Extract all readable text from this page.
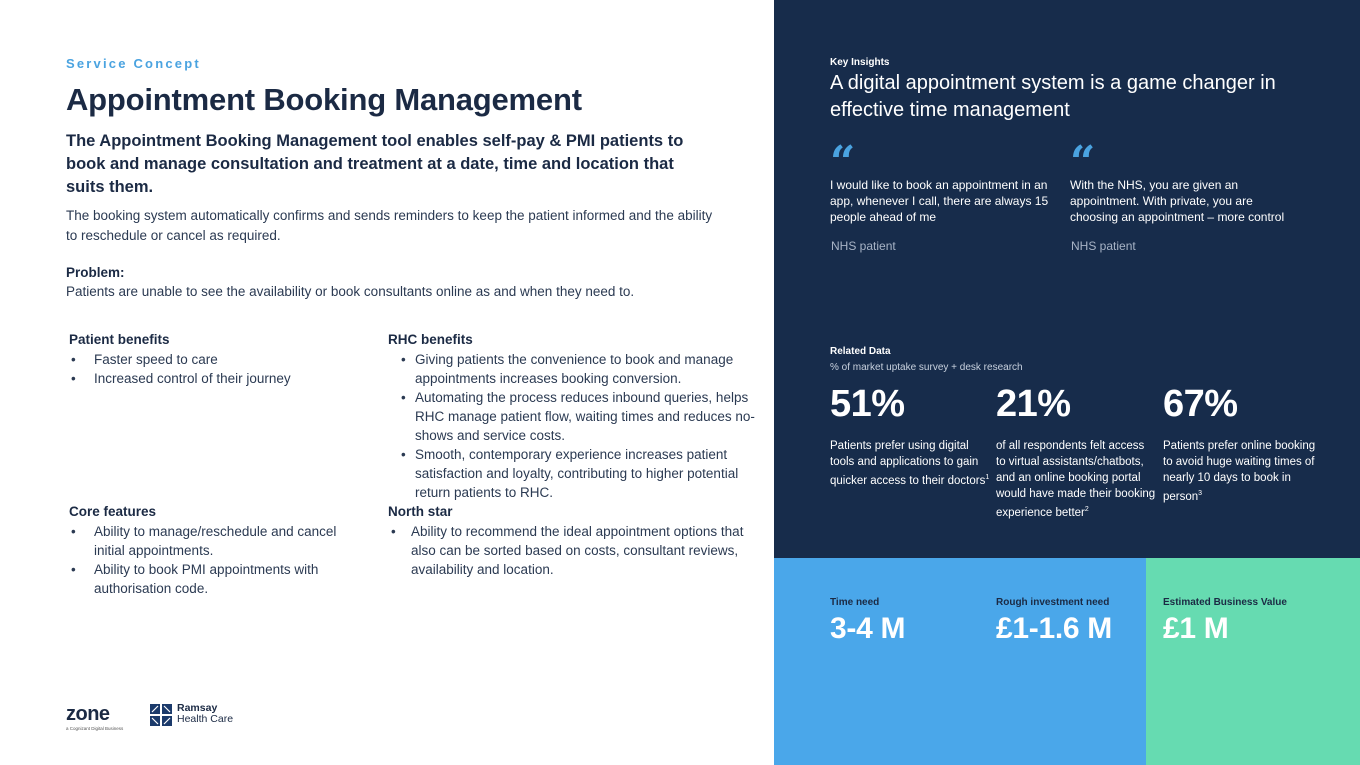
Service Concept
Appointment Booking Management

The Appointment Booking Management tool enables self-pay & PMI patients to book and manage consultation and treatment at a date, time and location that suits them.

The booking system automatically confirms and sends reminders to keep the patient informed and the ability to reschedule or cancel as required.

Problem:
Patients are unable to see the availability or book consultants online as and when they need to.
Patient benefits
• Faster speed to care
• Increased control of their journey
RHC benefits
• Giving patients the convenience to book and manage appointments increases booking conversion.
• Automating the process reduces inbound queries, helps RHC manage patient flow, waiting times and reduces no-shows and service costs.
• Smooth, contemporary experience increases patient satisfaction and loyalty, contributing to higher potential return patients to RHC.
Core features
• Ability to manage/reschedule and cancel initial appointments.
• Ability to book PMI appointments with authorisation code.
North star
• Ability to recommend the ideal appointment options that also can be sorted based on costs, consultant reviews, availability and location.
zone
a Cognizant Digital Business
Ramsay
Health Care
Key Insights
A digital appointment system is a game changer in effective time management
“
I would like to book an appointment in an app, whenever I call, there are always 15 people ahead of me
“
With the NHS, you are given an appointment. With private, you are choosing an appointment – more control
NHS patient	NHS patient
Related Data
% of market uptake survey + desk research
51%
Patients prefer using digital tools and applications to gain quicker access to their doctors$^1$
21%
of all respondents felt access to virtual assistants/chatbots, and an online booking portal would have made their booking experience better$^2$
67%
Patients prefer online booking to avoid huge waiting times of nearly 10 days to book in person$^3$
Time need	Rough investment need	Estimated Business Value
3-4 M	£1-1.6 M £1 M
